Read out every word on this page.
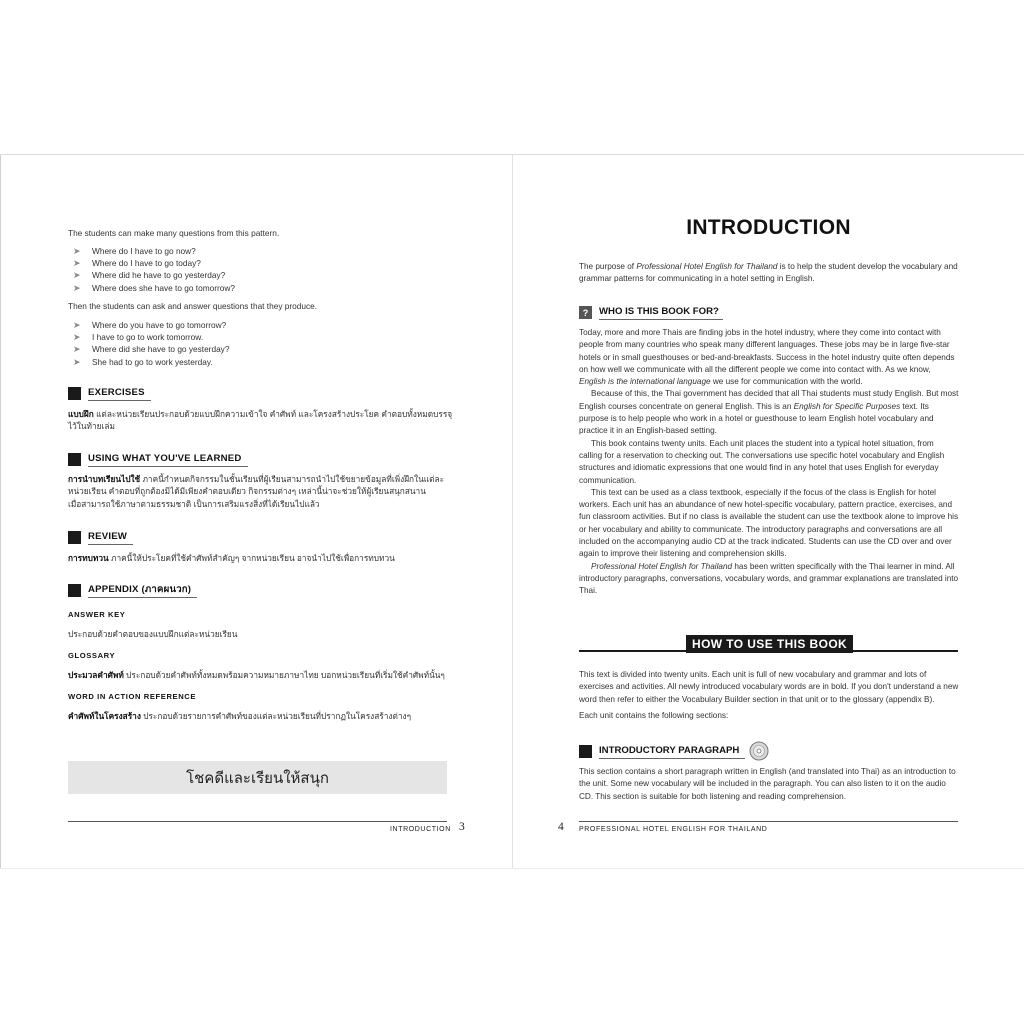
The students can make many questions from this pattern.
➤ Where do I have to go now?
➤ Where do I have to go today?
➤ Where did he have to go yesterday?
➤ Where does she have to go tomorrow?
Then the students can ask and answer questions that they produce.
➤ Where do you have to go tomorrow?
➤ I have to go to work tomorrow.
➤ Where did she have to go yesterday?
➤ She had to go to work yesterday.
EXERCISES
แบบฝึก แต่ละหน่วยเรียนประกอบด้วยแบบฝึกความเข้าใจ คำศัพท์ และโครงสร้างประโยค คำตอบทั้งหมดบรรจุ
ไว้ในท้ายเล่ม
USING WHAT YOU'VE LEARNED
การนำบทเรียนไปใช้ ภาคนี้กำหนดกิจกรรมในชั้นเรียนที่ผู้เรียนสามารถนำไปใช้ขยายข้อมูลที่เพิ่งฝึกในแต่ละ
หน่วยเรียน คำตอบที่ถูกต้องมิได้มีเพียงคำตอบเดียว กิจกรรมต่างๆ เหล่านี้น่าจะช่วยให้ผู้เรียนสนุกสนาน
เมื่อสามารถใช้ภาษาตามธรรมชาติ เป็นการเสริมแรงสิ่งที่ได้เรียนไปแล้ว
REVIEW
การทบทวน ภาคนี้ให้ประโยคที่ใช้คำศัพท์สำคัญๆ จากหน่วยเรียน อาจนำไปใช้เพื่อการทบทวน
APPENDIX (ภาคผนวก)
ANSWER KEY
ประกอบด้วยคำตอบของแบบฝึกแต่ละหน่วยเรียน
GLOSSARY
ประมวลคำศัพท์ ประกอบด้วยคำศัพท์ทั้งหมดพร้อมความหมายภาษาไทย บอกหน่วยเรียนที่เริ่มใช้คำศัพท์นั้นๆ
WORD IN ACTION REFERENCE
คำศัพท์ในโครงสร้าง ประกอบด้วยรายการคำศัพท์ของแต่ละหน่วยเรียนที่ปรากฏในโครงสร้างต่างๆ
โชคดีและเรียนให้สนุก
INTRODUCTION 3
INTRODUCTION

The purpose of Professional Hotel English for Thailand is to help the student develop the vocabulary and grammar patterns for communicating in a hotel setting in English.

?	WHO IS THIS BOOK FOR?

Today, more and more Thais are finding jobs in the hotel industry, where they come into contact with people from many countries who speak many different languages. These jobs may be in large five-star hotels or in small guesthouses or bed-and-breakfasts. Success in the hotel industry quite often depends on how well we communicate with all the different people we come into contact with. As we know, English is the international language we use for communication with the world.

Because of this, the Thai government has decided that all Thai students must study English. But most English courses concentrate on general English. This is an English for Specific Purposes text. Its purpose is to help people who work in a hotel or guesthouse to learn English hotel vocabulary and practice it in an English-based setting.

This book contains twenty units. Each unit places the student into a typical hotel situation, from calling for a reservation to checking out. The conversations use specific hotel vocabulary and English structures and idiomatic expressions that one would find in any hotel that uses English for everyday communication.

This text can be used as a class textbook, especially if the focus of the class is English for hotel workers. Each unit has an abundance of new hotel-specific vocabulary, pattern practice, exercises, and fun classroom activities. But if no class is available the student can use the textbook alone to improve his or her vocabulary and ability to communicate. The introductory paragraphs and conversations are all included on the accompanying audio CD at the track indicated. Students can use the CD over and over again to improve their listening and comprehension skills.

Professional Hotel English for Thailand has been written specifically with the Thai learner in mind. All introductory paragraphs, conversations, vocabulary words, and grammar explanations are translated into Thai.

HOW TO USE THIS BOOK

This text is divided into twenty units. Each unit is full of new vocabulary and grammar and lots of exercises and activities. All newly introduced vocabulary words are in bold. If you don't understand a new word then refer to either the Vocabulary Builder section in that unit or to the glossary (appendix B).

Each unit contains the following sections:

INTRODUCTORY PARAGRAPH
This section contains a short paragraph written in English (and translated into Thai) as an introduction to the unit. Some new vocabulary will be included in the paragraph. You can also listen to it on the audio CD. This section is suitable for both listening and reading comprehension.
4 PROFESSIONAL HOTEL ENGLISH FOR THAILAND
